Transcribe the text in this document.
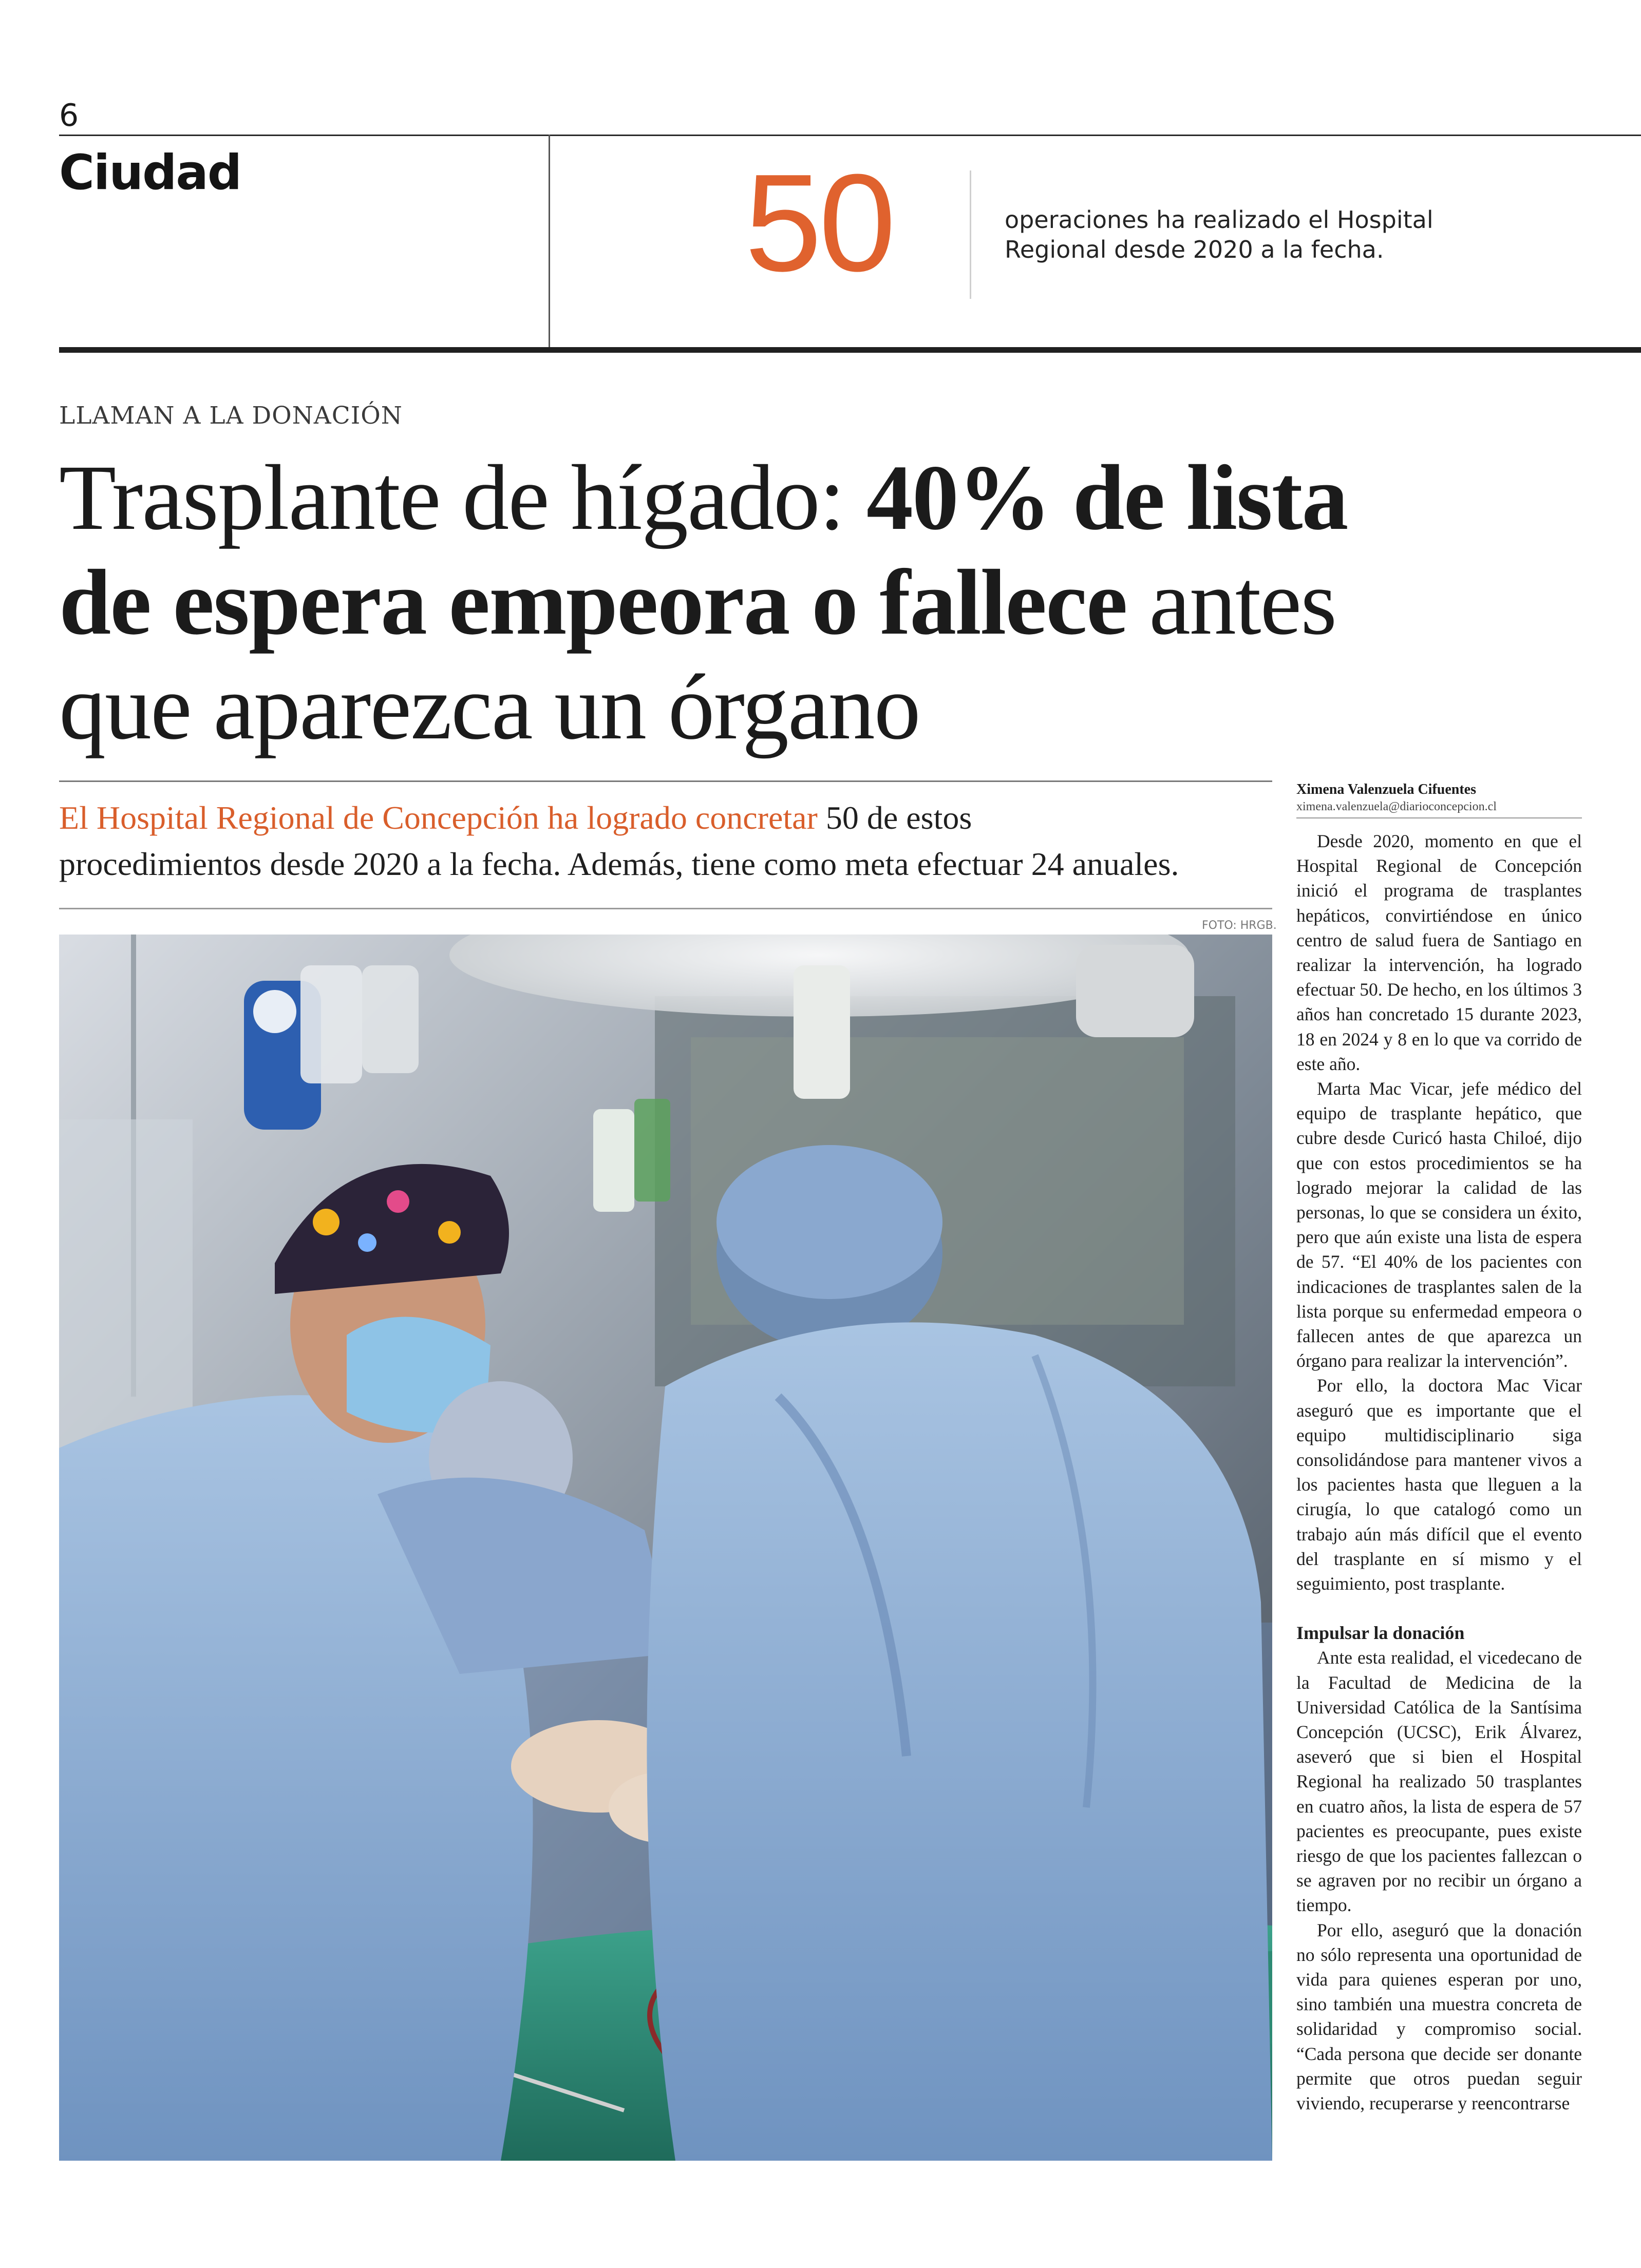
6
Ciudad	50	operaciones ha realizado el Hospital
Regional desde 2020 a la fecha.
LLAMAN A LA DONACIÓN
Trasplante de hígado: 40% de lista
de espera empeora o fallece antes
que aparezca un órgano
El Hospital Regional de Concepción ha logrado concretar 50 de estos
procedimientos desde 2020 a la fecha. Además, tiene como meta efectuar 24 anuales.
FOTO: HRGB.
Ximena Valenzuela Cifuentes
ximena.valenzuela@diarioconcepcion.cl

Desde 2020, momento en que el Hospital Regional de Concepción inició el programa de trasplantes hepáticos, convirtiéndose en único centro de salud fuera de Santiago en realizar la intervención, ha logrado efectuar 50. De hecho, en los últimos 3 años han concretado 15 durante 2023, 18 en 2024 y 8 en lo que va corrido de este año.

Marta Mac Vicar, jefe médico del equipo de trasplante hepático, que cubre desde Curicó hasta Chiloé, dijo que con estos procedimientos se ha logrado mejorar la calidad de las personas, lo que se considera un éxito, pero que aún existe una lista de espera de 57. “El 40% de los pacientes con indicaciones de trasplantes salen de la lista porque su enfermedad empeora o fallecen antes de que aparezca un órgano para realizar la intervención”.

Por ello, la doctora Mac Vicar aseguró que es importante que el equipo multidisciplinario siga consolidándose para mantener vivos a los pacientes hasta que lleguen a la cirugía, lo que catalogó como un trabajo aún más difícil que el evento del trasplante en sí mismo y el seguimiento, post trasplante.

Impulsar la donación

Ante esta realidad, el vicedecano de la Facultad de Medicina de la Universidad Católica de la Santísima Concepción (UCSC), Erik Álvarez, aseveró que si bien el Hospital Regional ha realizado 50 trasplantes en cuatro años, la lista de espera de 57 pacientes es preocupante, pues existe riesgo de que los pacientes fallezcan o se agraven por no recibir un órgano a tiempo.

Por ello, aseguró que la donación no sólo representa una oportunidad de vida para quienes esperan por uno, sino también una muestra concreta de solidaridad y compromiso social. “Cada persona que decide ser donante permite que otros puedan seguir viviendo, recuperarse y reencontrarse
